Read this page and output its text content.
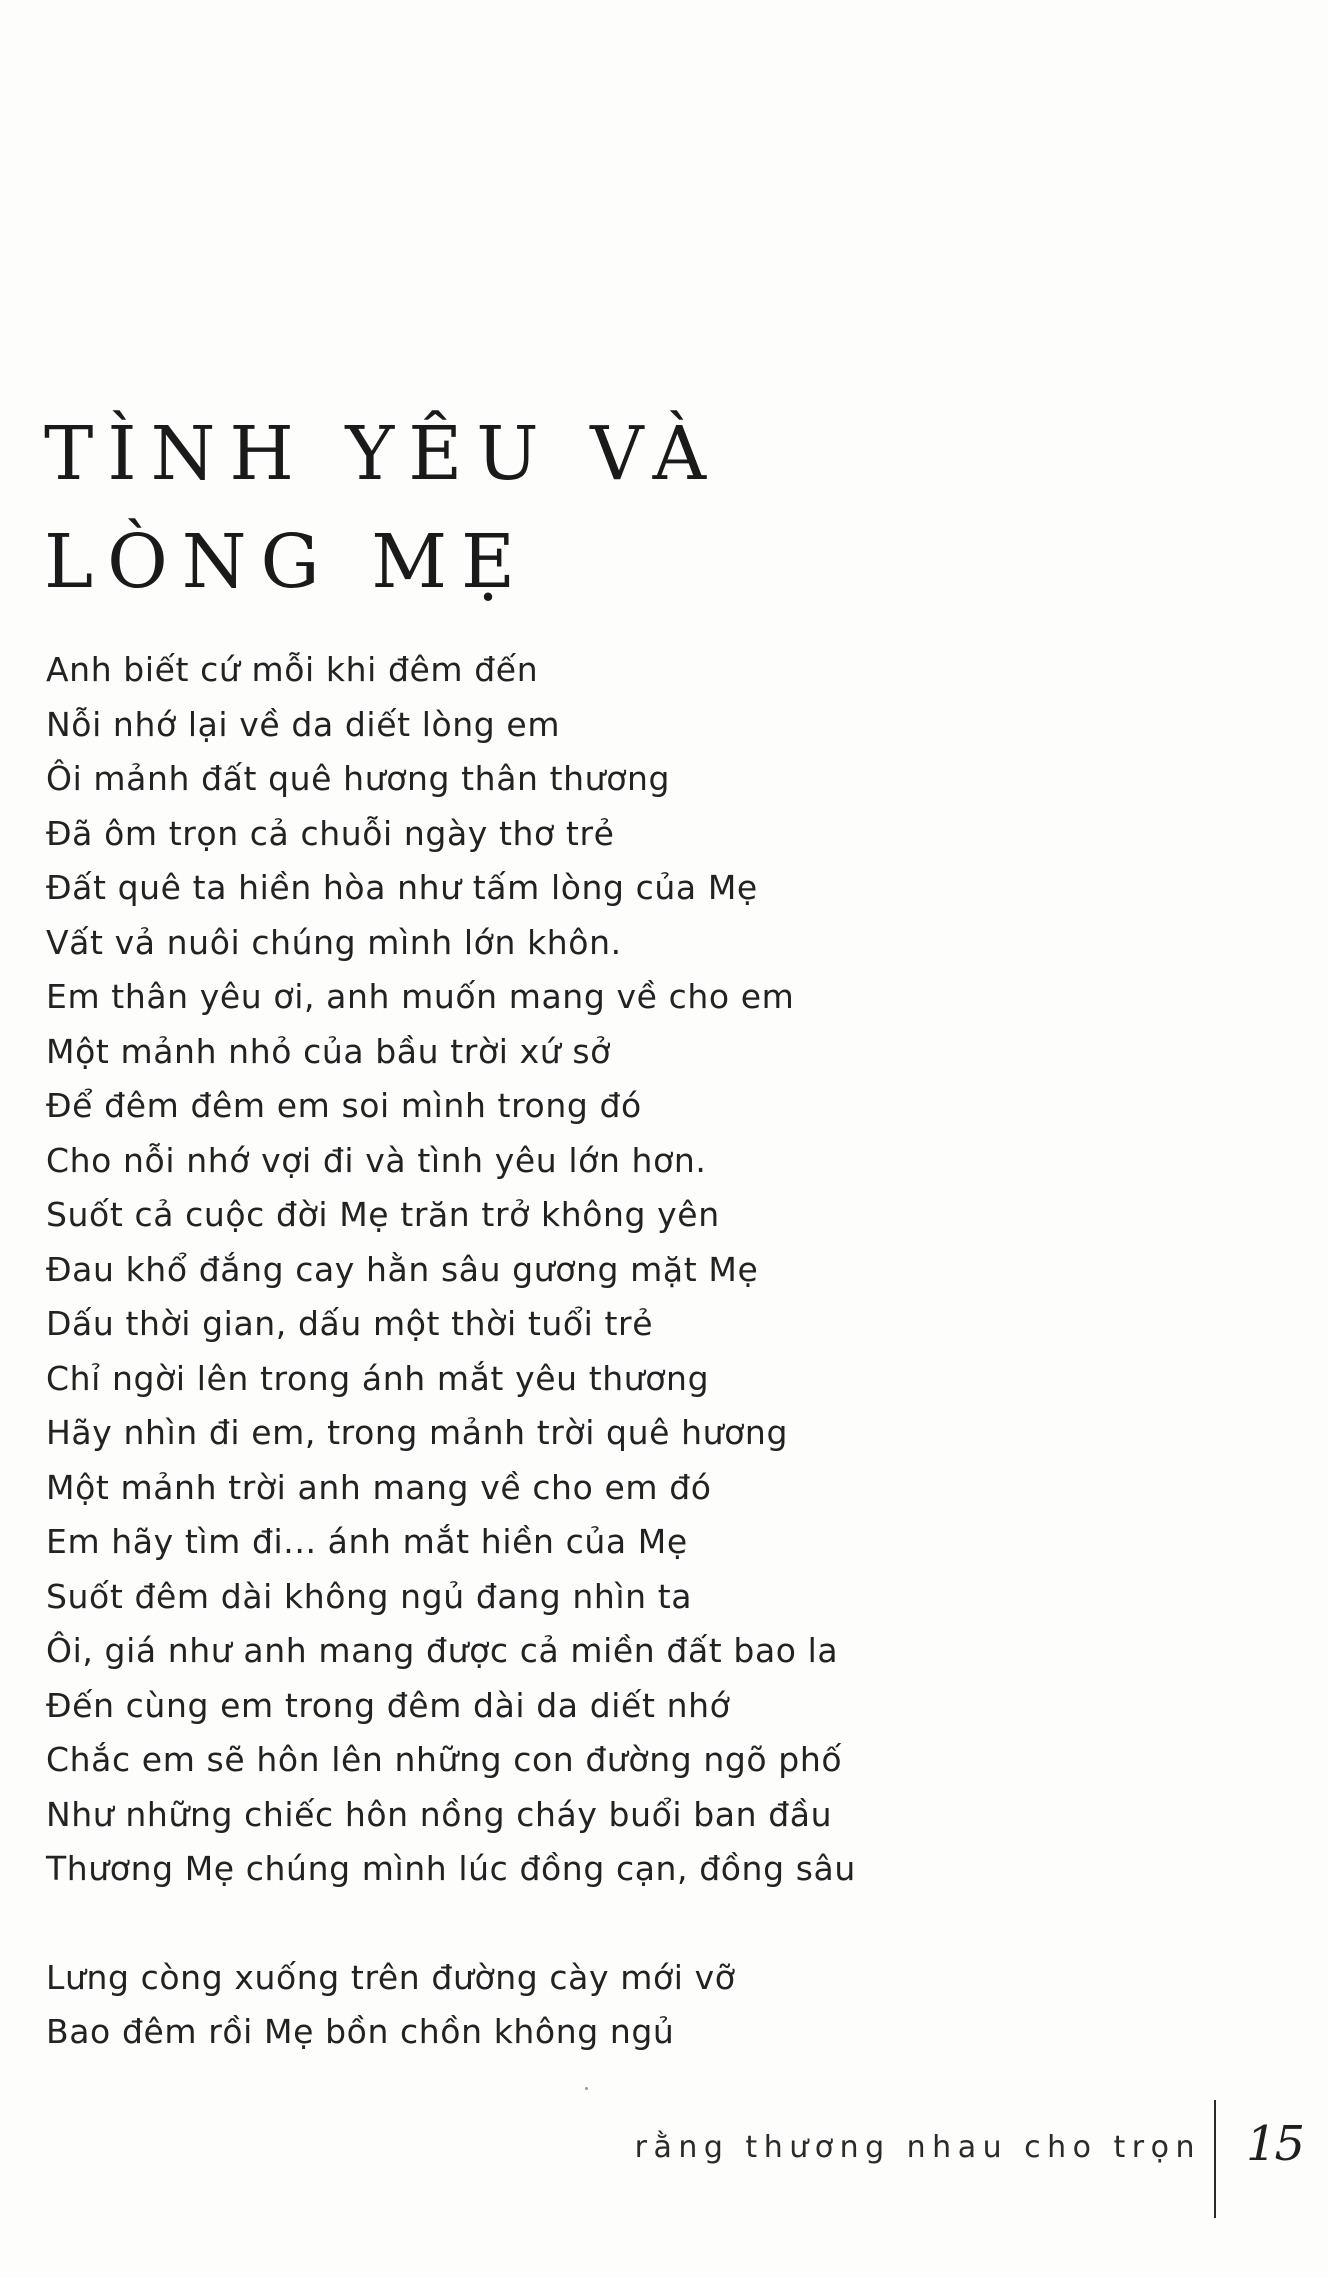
TÌNH YÊU VÀ
LÒNG MẸ
Anh biết cứ mỗi khi đêm đến
Nỗi nhớ lại về da diết lòng em
Ôi mảnh đất quê hương thân thương
Đã ôm trọn cả chuỗi ngày thơ trẻ
Đất quê ta hiền hòa như tấm lòng của Mẹ
Vất vả nuôi chúng mình lớn khôn.
Em thân yêu ơi, anh muốn mang về cho em
Một mảnh nhỏ của bầu trời xứ sở
Để đêm đêm em soi mình trong đó
Cho nỗi nhớ vợi đi và tình yêu lớn hơn.
Suốt cả cuộc đời Mẹ trăn trở không yên
Đau khổ đắng cay hằn sâu gương mặt Mẹ
Dấu thời gian, dấu một thời tuổi trẻ
Chỉ ngời lên trong ánh mắt yêu thương
Hãy nhìn đi em, trong mảnh trời quê hương
Một mảnh trời anh mang về cho em đó
Em hãy tìm đi... ánh mắt hiền của Mẹ
Suốt đêm dài không ngủ đang nhìn ta
Ôi, giá như anh mang được cả miền đất bao la
Đến cùng em trong đêm dài da diết nhớ
Chắc em sẽ hôn lên những con đường ngõ phố
Như những chiếc hôn nồng cháy buổi ban đầu
Thương Mẹ chúng mình lúc đồng cạn, đồng sâu
Lưng còng xuống trên đường cày mới vỡ
Bao đêm rồi Mẹ bồn chồn không ngủ
rằng thương nhau cho trọn 15
